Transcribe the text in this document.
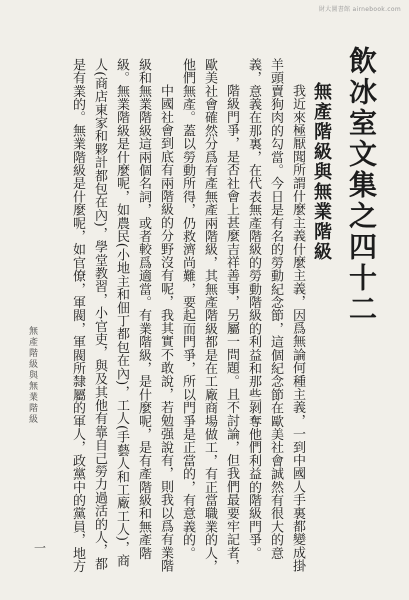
財大圖書館 airnebook.com
飲冰室文集之四十二
無產階級與無業階級

我近來極厭聞所謂什麼主義什麼主義，因爲無論何種主義，一到中國人手裏都變成掛羊頭賣狗肉的勾當。今日是有名的勞動紀念節，這個紀念節在歐美社會誠然有很大的意義，意義在那裏，在代表無產階級的勞動階級的利益和那些剝奪他們利益的階級門爭。

階級門爭，是否社會上甚麼吉祥善事，另屬一問題。且不討論，但我們最要牢記者，歐美社會確然分爲有產無產兩階級，其無產階級都是在工廠商場做工，有正當職業的人，他們無產。蓋以勞動所得，仍救濟尚難，要起而門爭，所以門爭是正當的，有意義的。

中國社會到底有兩階級的分野沒有呢，我其實不敢說，若勉强說有，則我以爲有業階級和無業階級這兩個名詞，或者較爲適當。有業階級，是什麼呢，是有產階級和無產階級。無業階級是什麼呢，如農民(小地主和佃丁都包在內)，工人(手藝人和工廠工人)，商人(商店東家和夥計都包在內)，學堂教習，小官吏，與及其他有靠自己勞力過活的人，都是有業的。無業階級是什麼呢，如官僚，軍閥，軍閥所隸屬的軍人，政黨中的黨員，地方

無產階級與無業階級
一
